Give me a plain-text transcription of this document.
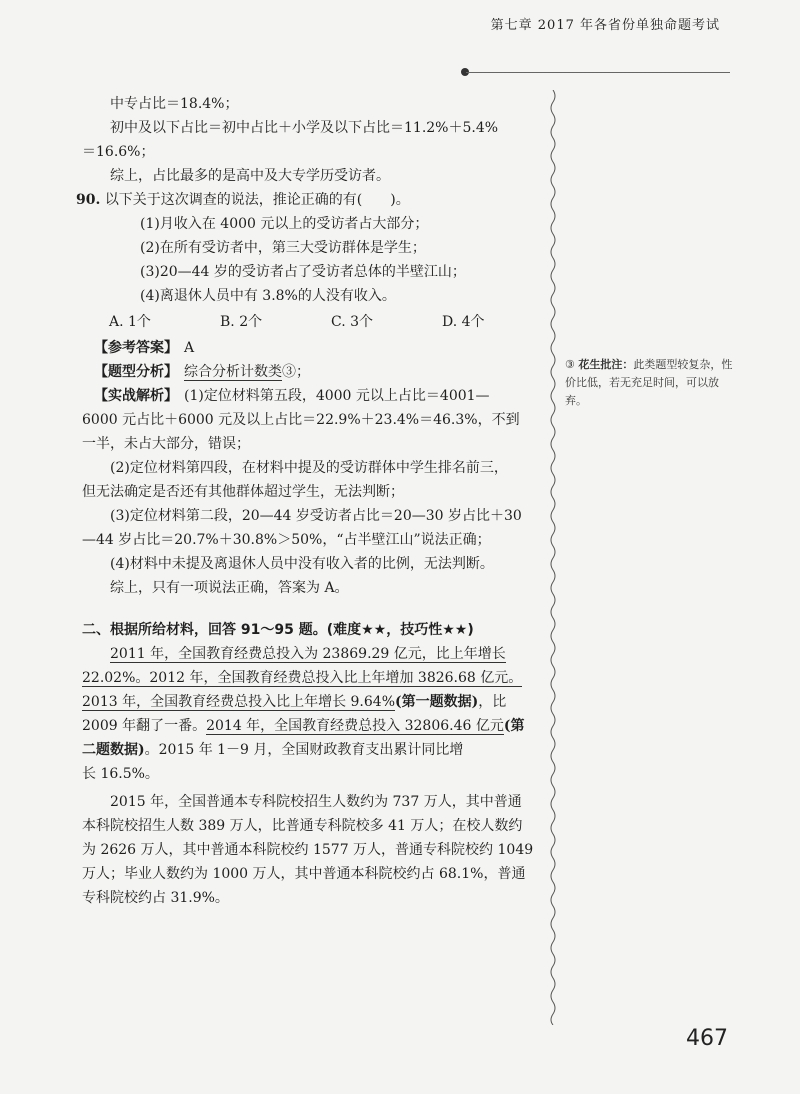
第七章 2017 年各省份单独命题考试

中专占比＝18.4%；

初中及以下占比＝初中占比＋小学及以下占比＝11.2%＋5.4%

＝16.6%；

综上，占比最多的是高中及大专学历受访者。

90. 以下关于这次调查的说法，推论正确的有(　　)。

(1)月收入在 4000 元以上的受访者占大部分；

(2)在所有受访者中，第三大受访群体是学生；

(3)20—44 岁的受访者占了受访者总体的半壁江山；

(4)离退休人员中有 3.8%的人没有收入。

A. 1个	B. 2个	C. 3个	D. 4个

【参考答案】 A

【题型分析】 综合分析计数类③；

【实战解析】 (1)定位材料第五段，4000 元以上占比＝4001—

6000 元占比＋6000 元及以上占比＝22.9%＋23.4%＝46.3%，不到

一半，未占大部分，错误；

(2)定位材料第四段，在材料中提及的受访群体中学生排名前三，

但无法确定是否还有其他群体超过学生，无法判断；

(3)定位材料第二段，20—44 岁受访者占比＝20—30 岁占比＋30

—44 岁占比＝20.7%＋30.8%＞50%，“占半壁江山”说法正确；

(4)材料中未提及离退休人员中没有收入者的比例，无法判断。

综上，只有一项说法正确，答案为 A。

二、根据所给材料，回答 91～95 题。(难度★★，技巧性★★)

2011 年，全国教育经费总投入为 23869.29 亿元，比上年增长

22.02%。2012 年，全国教育经费总投入比上年增加 3826.68 亿元。

2013 年，全国教育经费总投入比上年增长 9.64%(第一题数据)，比

2009 年翻了一番。2014 年，全国教育经费总投入 32806.46 亿元(第

二题数据)。2015 年 1－9 月，全国财政教育支出累计同比增

长 16.5%。

2015 年，全国普通本专科院校招生人数约为 737 万人，其中普通

本科院校招生人数 389 万人，比普通专科院校多 41 万人；在校人数约

为 2626 万人，其中普通本科院校约 1577 万人，普通专科院校约 1049

万人；毕业人数约为 1000 万人，其中普通本科院校约占 68.1%，普通

专科院校约占 31.9%。

③ 花生批注：此类题型较复杂，性价比低，若无充足时间，可以放弃。
467
